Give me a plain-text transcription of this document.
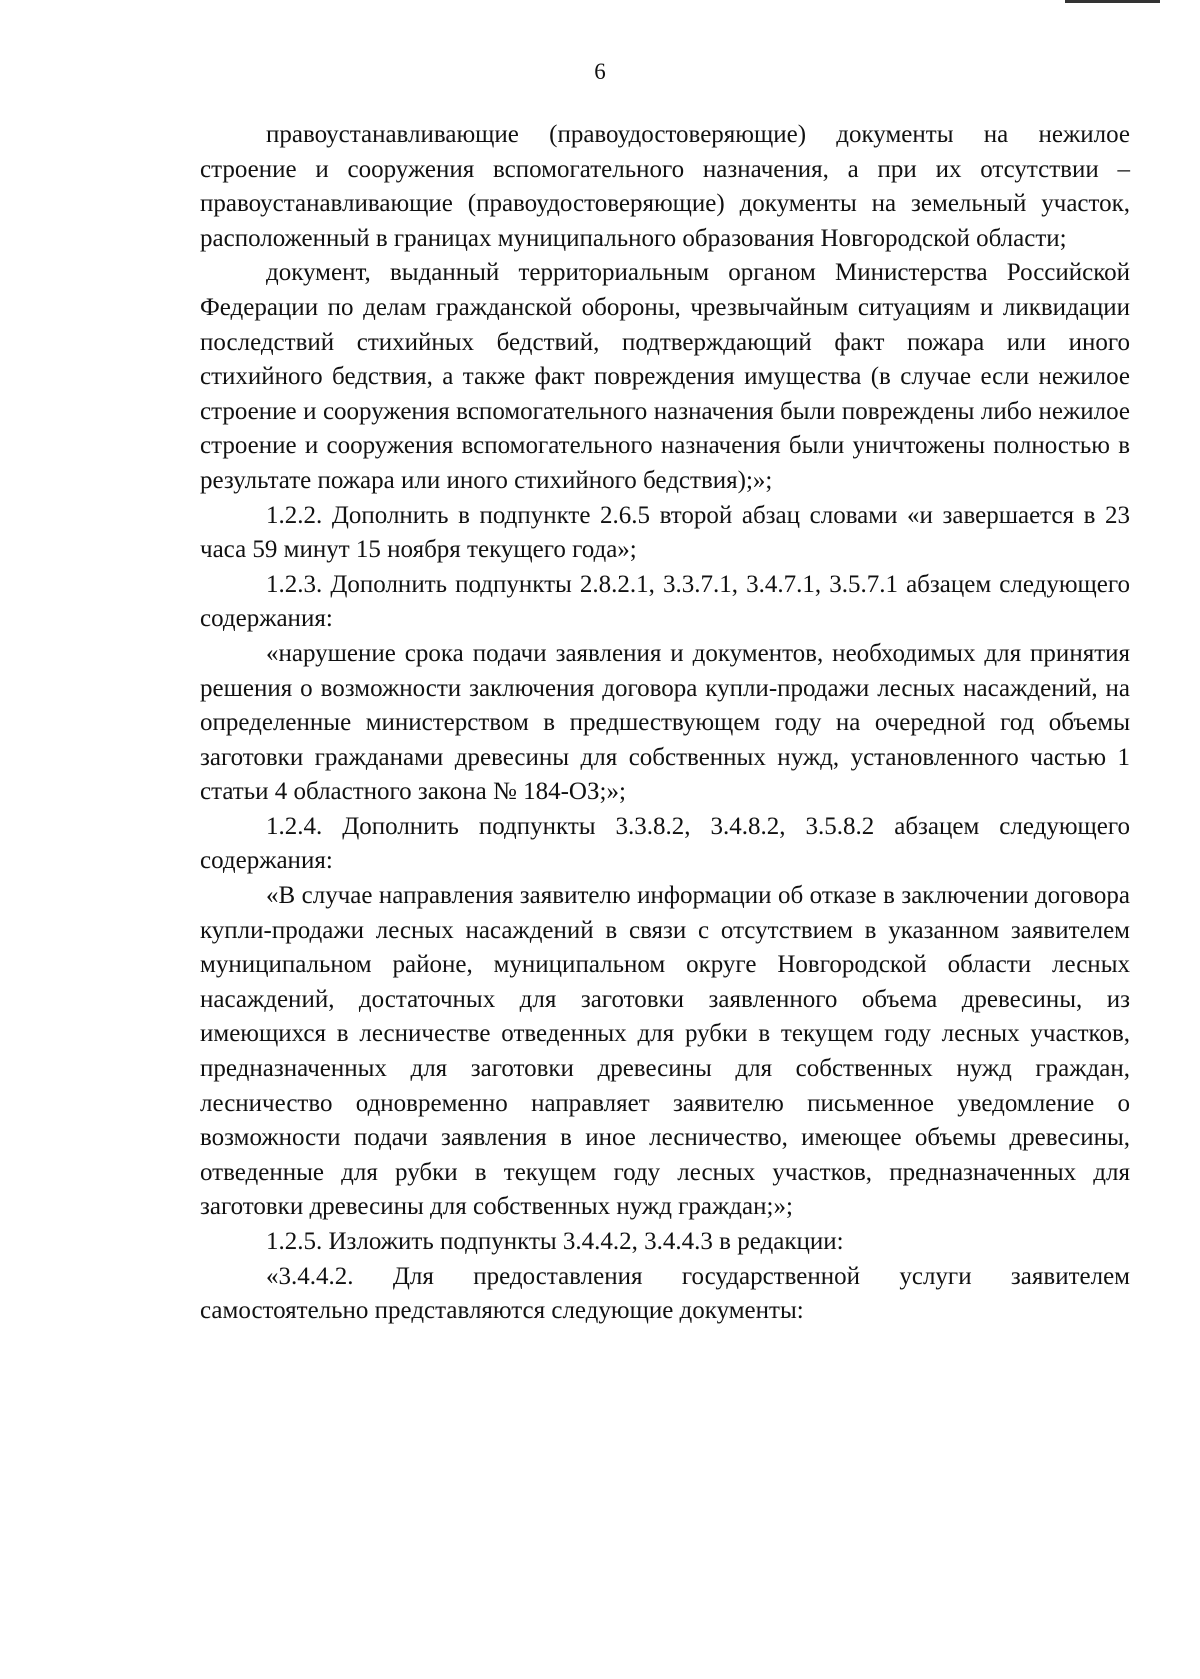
6

правоустанавливающие (правоудостоверяющие) документы на нежилое строение и сооружения вспомогательного назначения, а при их отсутствии – правоустанавливающие (правоудостоверяющие) документы на земельный участок, расположенный в границах муниципального образования Новгородской области;

документ, выданный территориальным органом Министерства Российской Федерации по делам гражданской обороны, чрезвычайным ситуациям и ликвидации последствий стихийных бедствий, подтверждающий факт пожара или иного стихийного бедствия, а также факт повреждения имущества (в случае если нежилое строение и сооружения вспомогательного назначения были повреждены либо нежилое строение и сооружения вспомогательного назначения были уничтожены полностью в результате пожара или иного стихийного бедствия);»;

1.2.2. Дополнить в подпункте 2.6.5 второй абзац словами «и завершается в 23 часа 59 минут 15 ноября текущего года»;

1.2.3. Дополнить подпункты 2.8.2.1, 3.3.7.1, 3.4.7.1, 3.5.7.1 абзацем следующего содержания:

«нарушение срока подачи заявления и документов, необходимых для принятия решения о возможности заключения договора купли-продажи лесных насаждений, на определенные министерством в предшествующем году на очередной год объемы заготовки гражданами древесины для собственных нужд, установленного частью 1 статьи 4 областного закона № 184-ОЗ;»;

1.2.4. Дополнить подпункты 3.3.8.2, 3.4.8.2, 3.5.8.2 абзацем следующего содержания:

«В случае направления заявителю информации об отказе в заключении договора купли-продажи лесных насаждений в связи с отсутствием в указанном заявителем муниципальном районе, муниципальном округе Новгородской области лесных насаждений, достаточных для заготовки заявленного объема древесины, из имеющихся в лесничестве отведенных для рубки в текущем году лесных участков, предназначенных для заготовки древесины для собственных нужд граждан, лесничество одновременно направляет заявителю письменное уведомление о возможности подачи заявления в иное лесничество, имеющее объемы древесины, отведенные для рубки в текущем году лесных участков, предназначенных для заготовки древесины для собственных нужд граждан;»;

1.2.5. Изложить подпункты 3.4.4.2, 3.4.4.3 в редакции:

«3.4.4.2. Для предоставления государственной услуги заявителем самостоятельно представляются следующие документы:
